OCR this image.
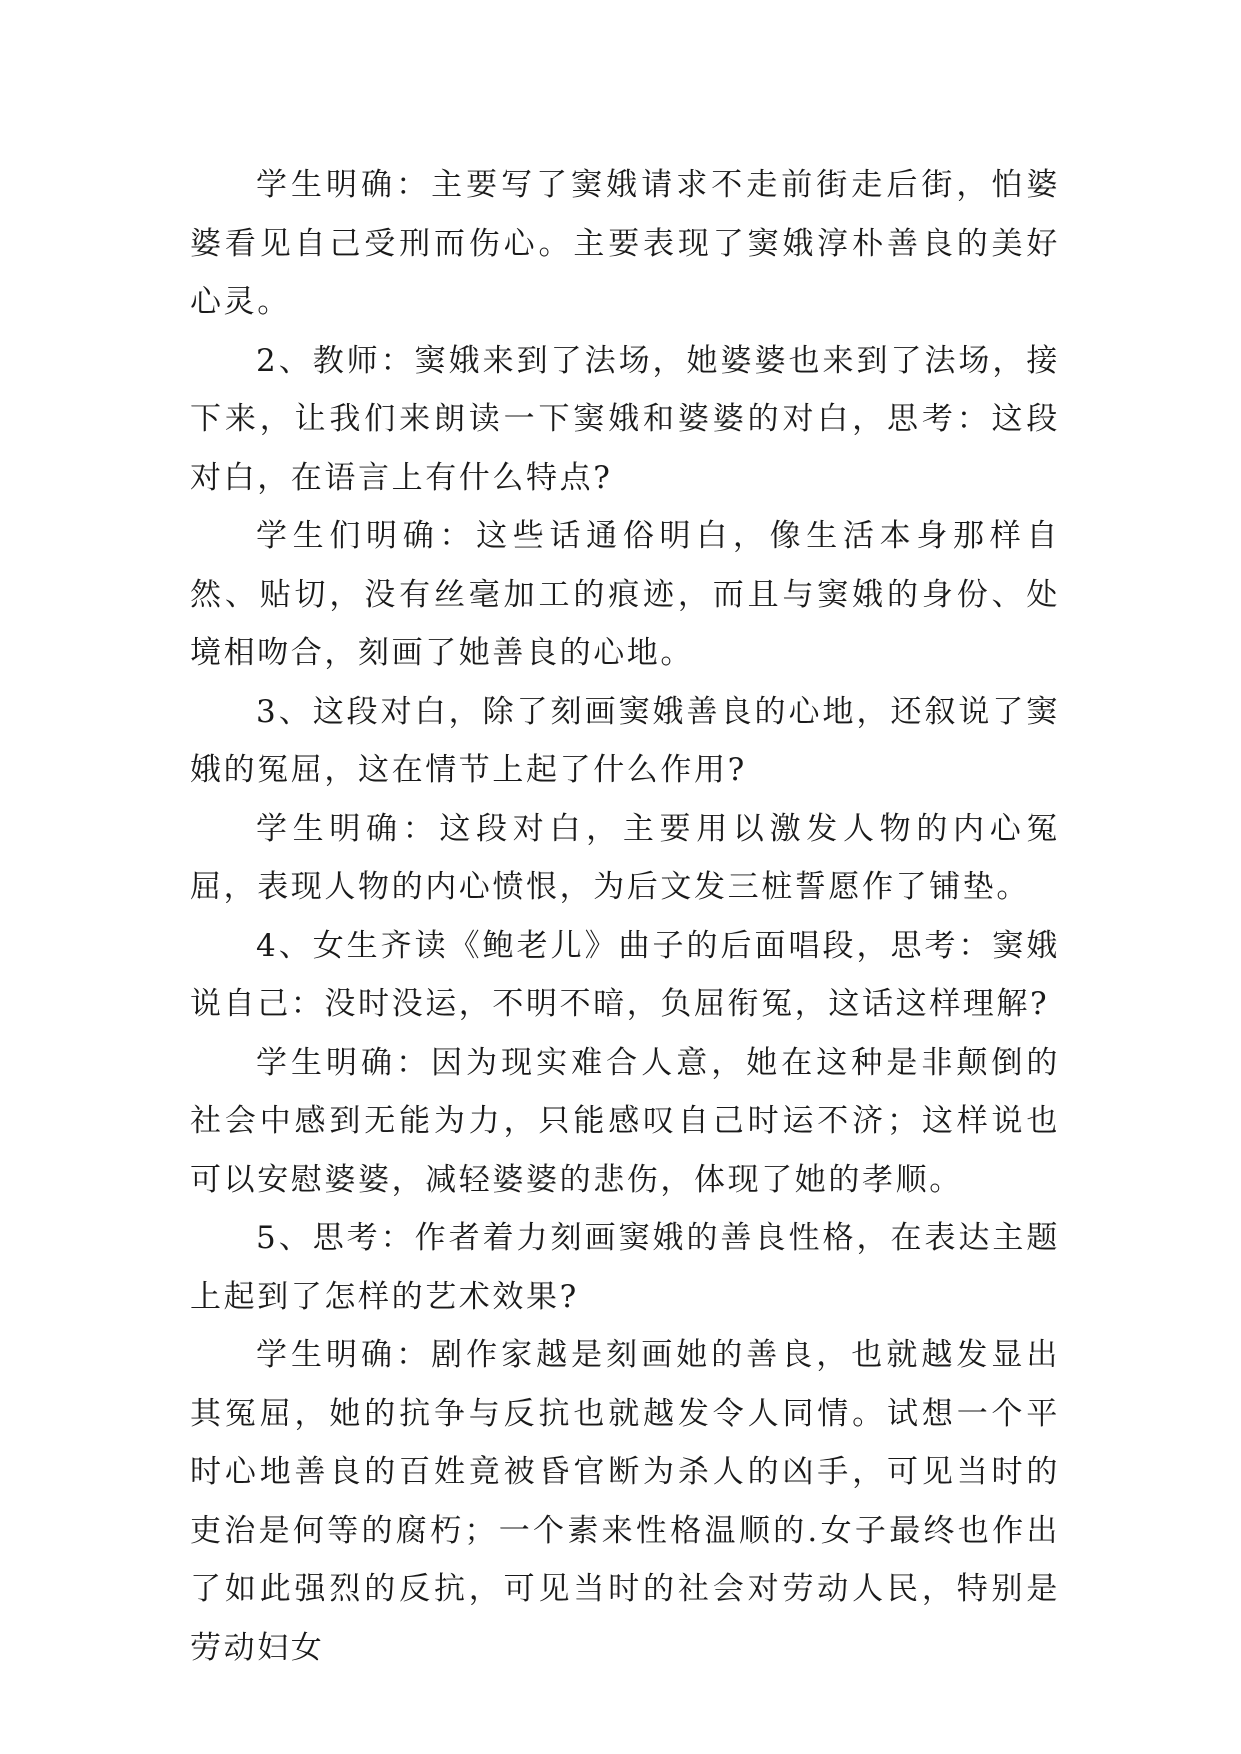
学生明确：主要写了窦娥请求不走前街走后街，怕婆婆看见自己受刑而伤心。主要表现了窦娥淳朴善良的美好心灵。

2、教师：窦娥来到了法场，她婆婆也来到了法场，接下来，让我们来朗读一下窦娥和婆婆的对白，思考：这段对白，在语言上有什么特点?

学生们明确：这些话通俗明白，像生活本身那样自然、贴切，没有丝毫加工的痕迹，而且与窦娥的身份、处境相吻合，刻画了她善良的心地。

3、这段对白，除了刻画窦娥善良的心地，还叙说了窦娥的冤屈，这在情节上起了什么作用?

学生明确：这段对白，主要用以激发人物的内心冤屈，表现人物的内心愤恨，为后文发三桩誓愿作了铺垫。

4、女生齐读《鲍老儿》曲子的后面唱段，思考：窦娥说自己：没时没运，不明不暗，负屈衔冤，这话这样理解?

学生明确：因为现实难合人意，她在这种是非颠倒的社会中感到无能为力，只能感叹自己时运不济；这样说也可以安慰婆婆，减轻婆婆的悲伤，体现了她的孝顺。

5、思考：作者着力刻画窦娥的善良性格，在表达主题上起到了怎样的艺术效果?

学生明确：剧作家越是刻画她的善良，也就越发显出其冤屈，她的抗争与反抗也就越发令人同情。试想一个平时心地善良的百姓竟被昏官断为杀人的凶手，可见当时的吏治是何等的腐朽；一个素来性格温顺的.女子最终也作出了如此强烈的反抗，可见当时的社会对劳动人民，特别是劳动妇女
